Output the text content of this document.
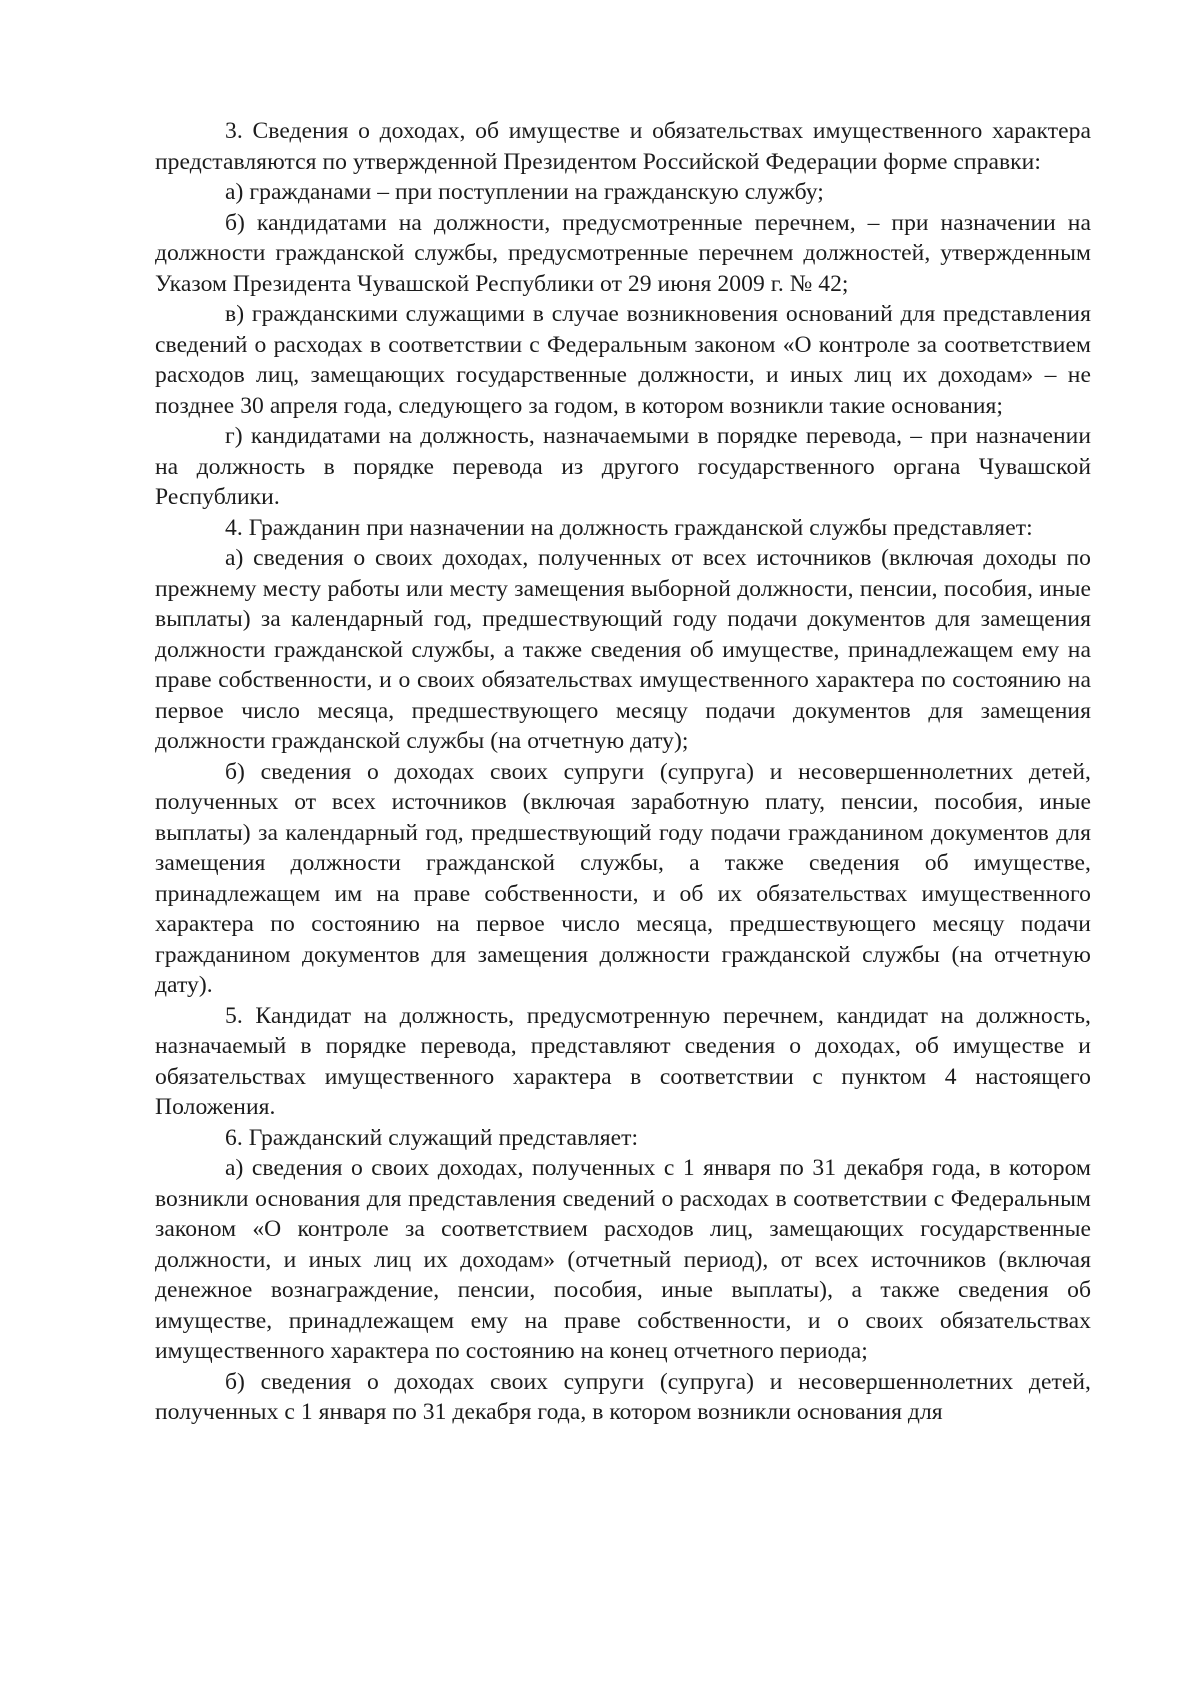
3. Сведения о доходах, об имуществе и обязательствах имущественного характера представляются по утвержденной Президентом Российской Федерации форме справки:

а) гражданами – при поступлении на гражданскую службу;

б) кандидатами на должности, предусмотренные перечнем, – при назначении на должности гражданской службы, предусмотренные перечнем должностей, утвержденным Указом Президента Чувашской Республики от 29 июня 2009 г. № 42;

в) гражданскими служащими в случае возникновения оснований для представления сведений о расходах в соответствии с Федеральным законом «О контроле за соответствием расходов лиц, замещающих государственные должности, и иных лиц их доходам» – не позднее 30 апреля года, следующего за годом, в котором возникли такие основания;

г) кандидатами на должность, назначаемыми в порядке перевода, – при назначении на должность в порядке перевода из другого государственного органа Чувашской Республики.

4. Гражданин при назначении на должность гражданской службы представляет:

а) сведения о своих доходах, полученных от всех источников (включая доходы по прежнему месту работы или месту замещения выборной должности, пенсии, пособия, иные выплаты) за календарный год, предшествующий году подачи документов для замещения должности гражданской службы, а также сведения об имуществе, принадлежащем ему на праве собственности, и о своих обязательствах имущественного характера по состоянию на первое число месяца, предшествующего месяцу подачи документов для замещения должности гражданской службы (на отчетную дату);

б) сведения о доходах своих супруги (супруга) и несовершеннолетних детей, полученных от всех источников (включая заработную плату, пенсии, пособия, иные выплаты) за календарный год, предшествующий году подачи гражданином документов для замещения должности гражданской службы, а также сведения об имуществе, принадлежащем им на праве собственности, и об их обязательствах имущественного характера по состоянию на первое число месяца, предшествующего месяцу подачи гражданином документов для замещения должности гражданской службы (на отчетную дату).

5. Кандидат на должность, предусмотренную перечнем, кандидат на должность, назначаемый в порядке перевода, представляют сведения о доходах, об имуществе и обязательствах имущественного характера в соответствии с пунктом 4 настоящего Положения.

6. Гражданский служащий представляет:

а) сведения о своих доходах, полученных с 1 января по 31 декабря года, в котором возникли основания для представления сведений о расходах в соответствии с Федеральным законом «О контроле за соответствием расходов лиц, замещающих государственные должности, и иных лиц их доходам» (отчетный период), от всех источников (включая денежное вознаграждение, пенсии, пособия, иные выплаты), а также сведения об имуществе, принадлежащем ему на праве собственности, и о своих обязательствах имущественного характера по состоянию на конец отчетного периода;

б) сведения о доходах своих супруги (супруга) и несовершеннолетних детей, полученных с 1 января по 31 декабря года, в котором возникли основания для
